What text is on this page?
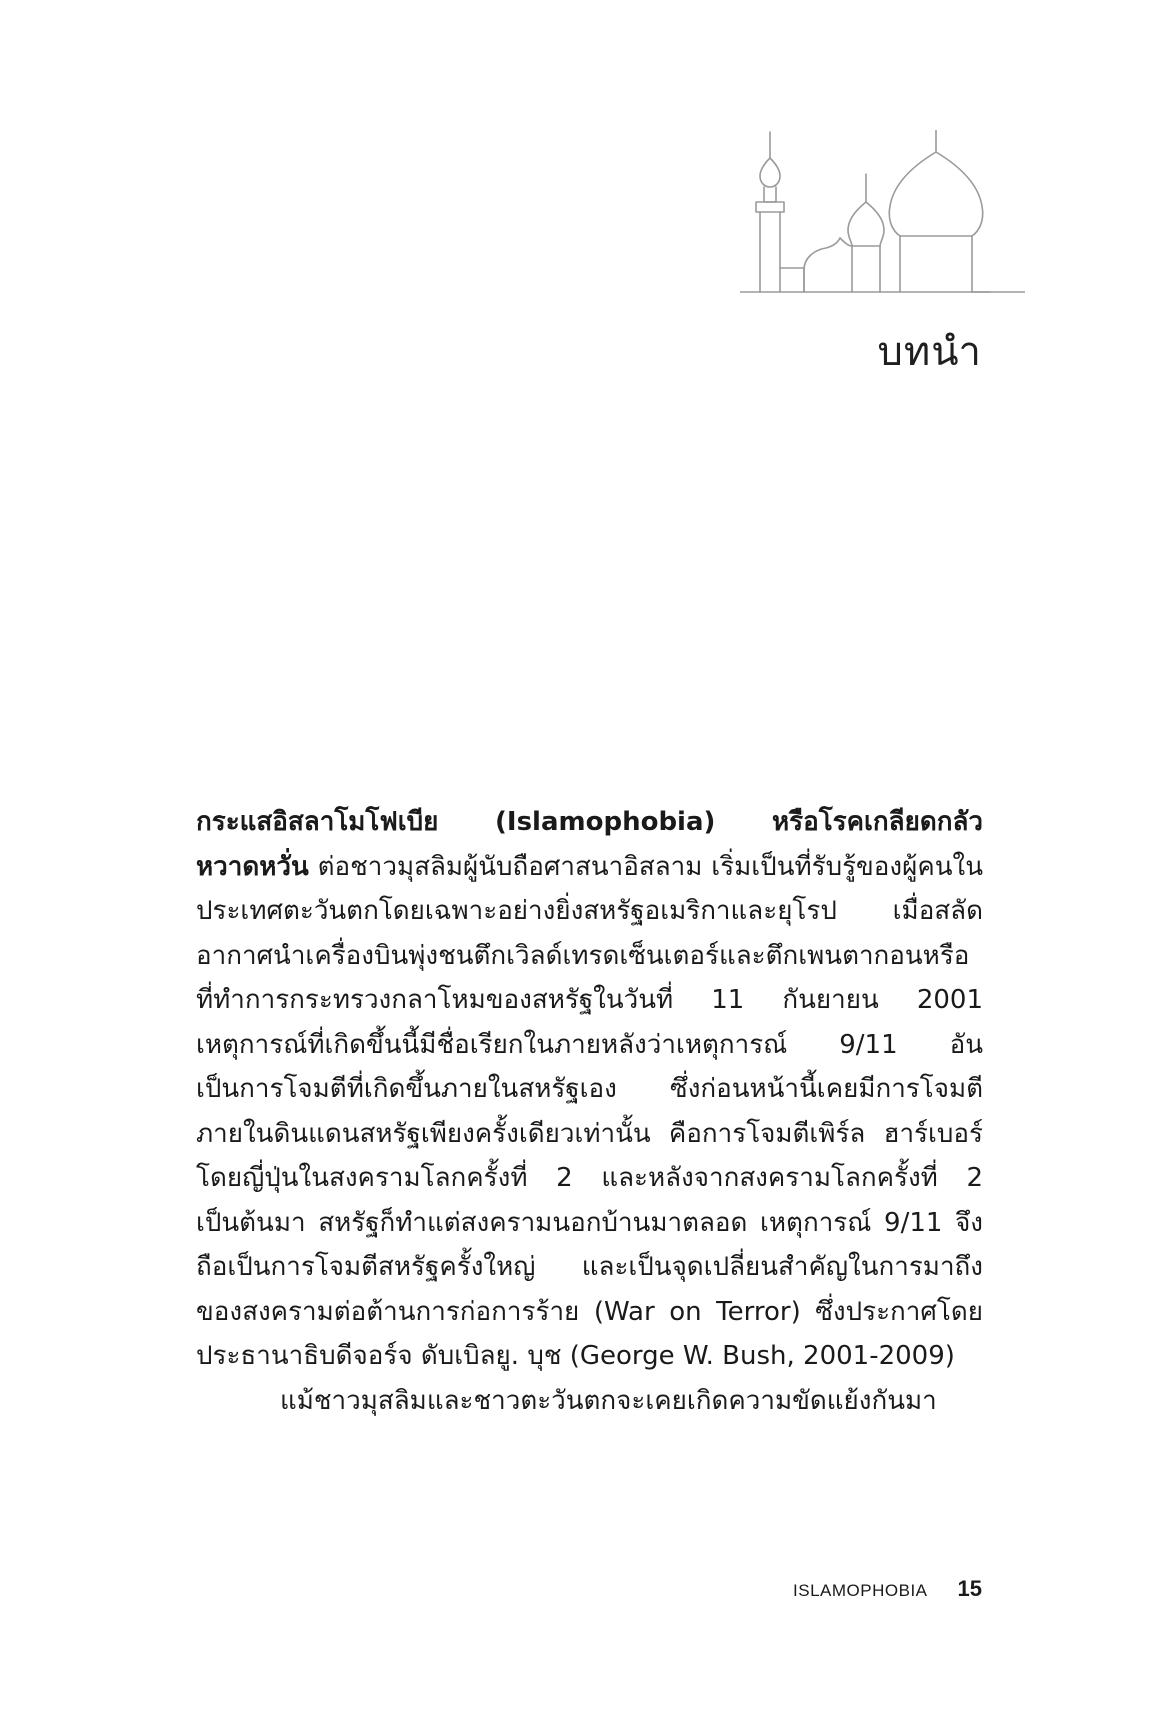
บทนำ

กระแสอิสลาโมโฟเบีย (Islamophobia) หรือโรคเกลียดกลัว หวาดหวั่น ต่อชาวมุสลิมผู้นับถือศาสนาอิสลาม เริ่มเป็นที่รับรู้ของผู้คนในประเทศตะวันตกโดยเฉพาะอย่างยิ่งสหรัฐอเมริกาและยุโรป เมื่อสลัดอากาศนำเครื่องบินพุ่งชนตึกเวิลด์เทรดเซ็นเตอร์และตึกเพนตากอนหรือที่ทำการกระทรวงกลาโหมของสหรัฐในวันที่ 11 กันยายน 2001 เหตุการณ์ที่เกิดขึ้นนี้มีชื่อเรียกในภายหลังว่าเหตุการณ์ 9/11 อันเป็นการโจมตีที่เกิดขึ้นภายในสหรัฐเอง ซึ่งก่อนหน้านี้เคยมีการโจมตีภายในดินแดนสหรัฐเพียงครั้งเดียวเท่านั้น คือการโจมตีเพิร์ล ฮาร์เบอร์โดยญี่ปุ่นในสงครามโลกครั้งที่ 2 และหลังจากสงครามโลกครั้งที่ 2 เป็นต้นมา สหรัฐก็ทำแต่สงครามนอกบ้านมาตลอด เหตุการณ์ 9/11 จึงถือเป็นการโจมตีสหรัฐครั้งใหญ่ และเป็นจุดเปลี่ยนสำคัญในการมาถึงของสงครามต่อต้านการก่อการร้าย (War on Terror) ซึ่งประกาศโดยประธานาธิบดีจอร์จ ดับเบิลยู. บุช (George W. Bush, 2001-2009)

แม้ชาวมุสลิมและชาวตะวันตกจะเคยเกิดความขัดแย้งกันมา

ISLAMOPHOBIA 15
